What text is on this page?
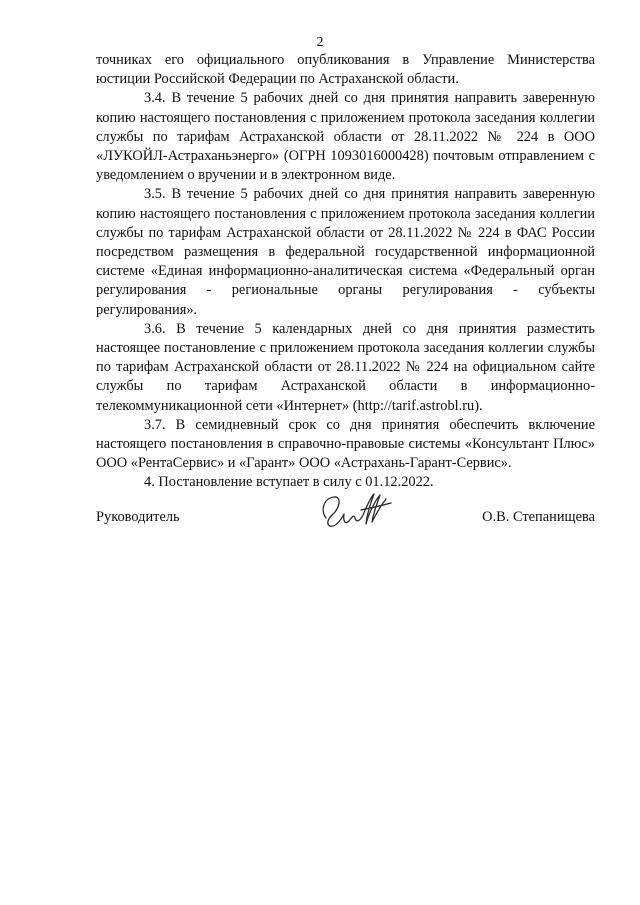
2

точниках его официального опубликования в Управление Министерства юстиции Российской Федерации по Астраханской области.

3.4. В течение 5 рабочих дней со дня принятия направить заверенную копию настоящего постановления с приложением протокола заседания коллегии службы по тарифам Астраханской области от 28.11.2022 № 224 в ООО «ЛУКОЙЛ-Астраханьэнерго» (ОГРН 1093016000428) почтовым отправлением с уведомлением о вручении и в электронном виде.

3.5. В течение 5 рабочих дней со дня принятия направить заверенную копию настоящего постановления с приложением протокола заседания коллегии службы по тарифам Астраханской области от 28.11.2022 № 224 в ФАС России посредством размещения в федеральной государственной информационной системе «Единая информационно-аналитическая система «Федеральный орган регулирования - региональные органы регулирования - субъекты регулирования».

3.6. В течение 5 календарных дней со дня принятия разместить настоящее постановление с приложением протокола заседания коллегии службы по тарифам Астраханской области от 28.11.2022 № 224 на официальном сайте службы по тарифам Астраханской области в информационно-телекоммуникационной сети «Интернет» (http://tarif.astrobl.ru).

3.7. В семидневный срок со дня принятия обеспечить включение настоящего постановления в справочно-правовые системы «Консультант Плюс» ООО «РентаСервис» и «Гарант» ООО «Астрахань-Гарант-Сервис».

4. Постановление вступает в силу с 01.12.2022.

Руководитель	О.В. Степанищева
